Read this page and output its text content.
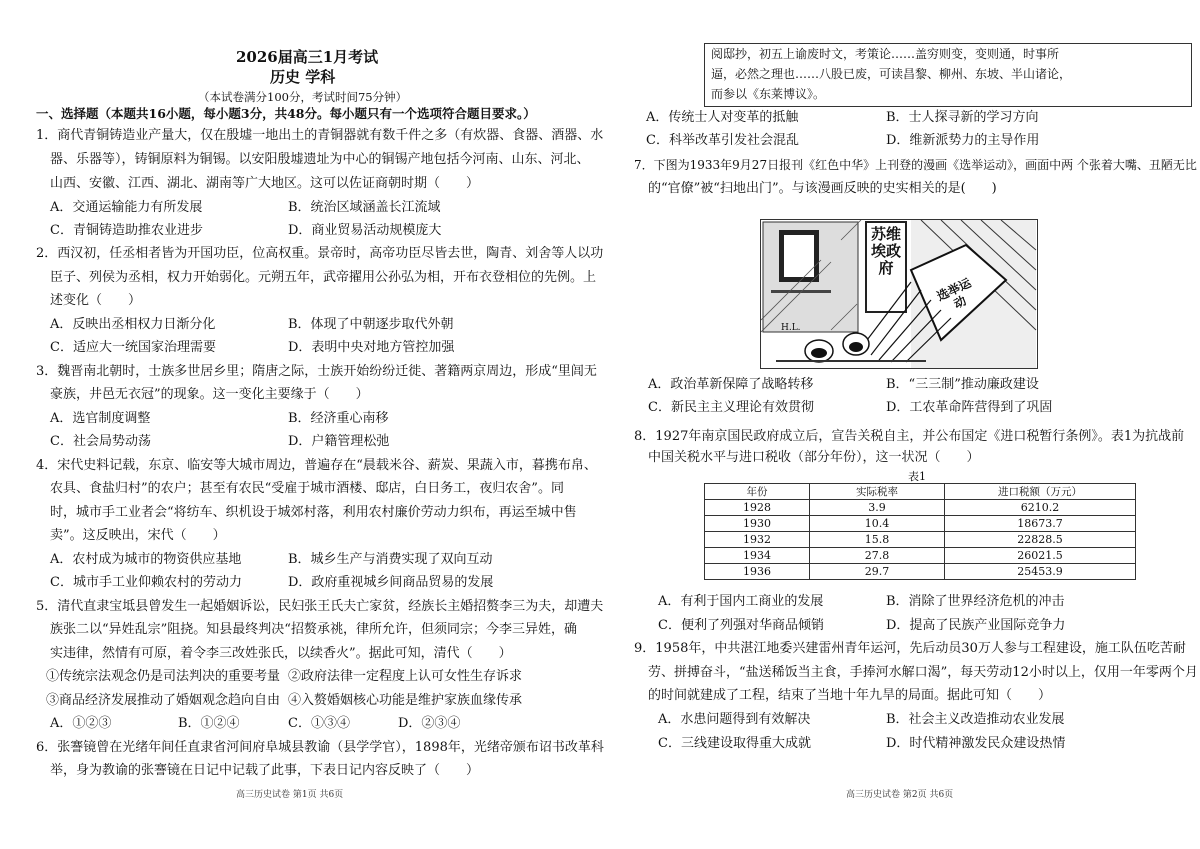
2026届高三1月考试
历史 学科
（本试卷满分100分，考试时间75分钟）
一、选择题（本题共16小题，每小题3分，共48分。每小题只有一个选项符合题目要求。）
1．商代青铜铸造业产量大，仅在殷墟一地出土的青铜器就有数千件之多（有炊器、食器、酒器、水
器、乐器等），铸铜原料为铜锡。以安阳殷墟遗址为中心的铜锡产地包括今河南、山东、河北、
山西、安徽、江西、湖北、湖南等广大地区。这可以佐证商朝时期（　　）
A．交通运输能力有所发展	B．统治区域涵盖长江流域
C．青铜铸造助推农业进步	D．商业贸易活动规模庞大
2．西汉初，任丞相者皆为开国功臣，位高权重。景帝时，高帝功臣尽皆去世，陶青、刘舍等人以功
臣子、列侯为丞相，权力开始弱化。元朔五年，武帝擢用公孙弘为相，开布衣登相位的先例。上
述变化（　　）
A．反映出丞相权力日渐分化	B．体现了中朝逐步取代外朝
C．适应大一统国家治理需要	D．表明中央对地方管控加强
3．魏晋南北朝时，士族多世居乡里；隋唐之际，士族开始纷纷迁徙、著籍两京周边，形成“里闾无
豪族，井邑无衣冠”的现象。这一变化主要缘于（　　）
A．选官制度调整	B．经济重心南移
C．社会局势动荡	D．户籍管理松弛
4．宋代史料记载，东京、临安等大城市周边，普遍存在“晨载米谷、薪炭、果蔬入市，暮携布帛、
农具、食盐归村”的农户；甚至有农民“受雇于城市酒楼、邸店，白日务工，夜归农舍”。同
时，城市手工业者会“将纺车、织机设于城郊村落，利用农村廉价劳动力织布，再运至城中售
卖”。这反映出，宋代（　　）
A．农村成为城市的物资供应基地	B．城乡生产与消费实现了双向互动
C．城市手工业仰赖农村的劳动力	D．政府重视城乡间商品贸易的发展
5．清代直隶宝坻县曾发生一起婚姻诉讼，民妇张王氏夫亡家贫，经族长主婚招赘李三为夫，却遭夫
族张二以“异姓乱宗”阻挠。知县最终判决“招赘承祧，律所允许，但须同宗；今李三异姓，确
实违律，然情有可原，着令李三改姓张氏，以续香火”。据此可知，清代（　　）
①传统宗法观念仍是司法判决的重要考量 ②政府法律一定程度上认可女性生存诉求
③商品经济发展推动了婚姻观念趋向自由 ④入赘婚姻核心功能是维护家族血缘传承
A．①②③	B．①②④	C．①③④	D．②③④
6．张謇镜曾在光绪年间任直隶省河间府阜城县教谕（县学学官），1898年，光绪帝颁布诏书改革科
举，身为教谕的张謇镜在日记中记载了此事，下表日记内容反映了（　　）
高三历史试卷 第1页 共6页
阅邸抄，初五上谕废时文，考策论……盖穷则变，变则通，时事所
逼，必然之理也……八股已废，可读昌黎、柳州、东坡、半山诸论，
而参以《东莱博议》。
A．传统士人对变革的抵触	B．士人探寻新的学习方向
C．科举改革引发社会混乱	D．维新派势力的主导作用
7．下图为1933年9月27日报刊《红色中华》上刊登的漫画《选举运动》，画面中两 个张着大嘴、丑陋无比
的“官僚”被“扫地出门”。与该漫画反映的史实相关的是(　　)
苏维埃政府
选举运动
H.L.
A．政治革新保障了战略转移	B．“三三制”推动廉政建设
C．新民主主义理论有效贯彻	D．工农革命阵营得到了巩固
8．1927年南京国民政府成立后，宣告关税自主，并公布国定《进口税暂行条例》。表1为抗战前
中国关税水平与进口税收（部分年份），这一状况（　　）
表1
年份	实际税率	进口税额（万元）
1928	3.9	6210.2
1930	10.4	18673.7
1932	15.8	22828.5
1934	27.8	26021.5
1936	29.7	25453.9
A．有利于国内工商业的发展	B．消除了世界经济危机的冲击
C．便利了列强对华商品倾销	D．提高了民族产业国际竞争力
9．1958年，中共湛江地委兴建雷州青年运河，先后动员30万人参与工程建设，施工队伍吃苦耐
劳、拼搏奋斗，“盐送稀饭当主食，手捧河水解口渴”，每天劳动12小时以上，仅用一年零两个月
的时间就建成了工程，结束了当地十年九旱的局面。据此可知（　　）
A．水患问题得到有效解决	B．社会主义改造推动农业发展
C．三线建设取得重大成就	D．时代精神激发民众建设热情
高三历史试卷 第2页 共6页
